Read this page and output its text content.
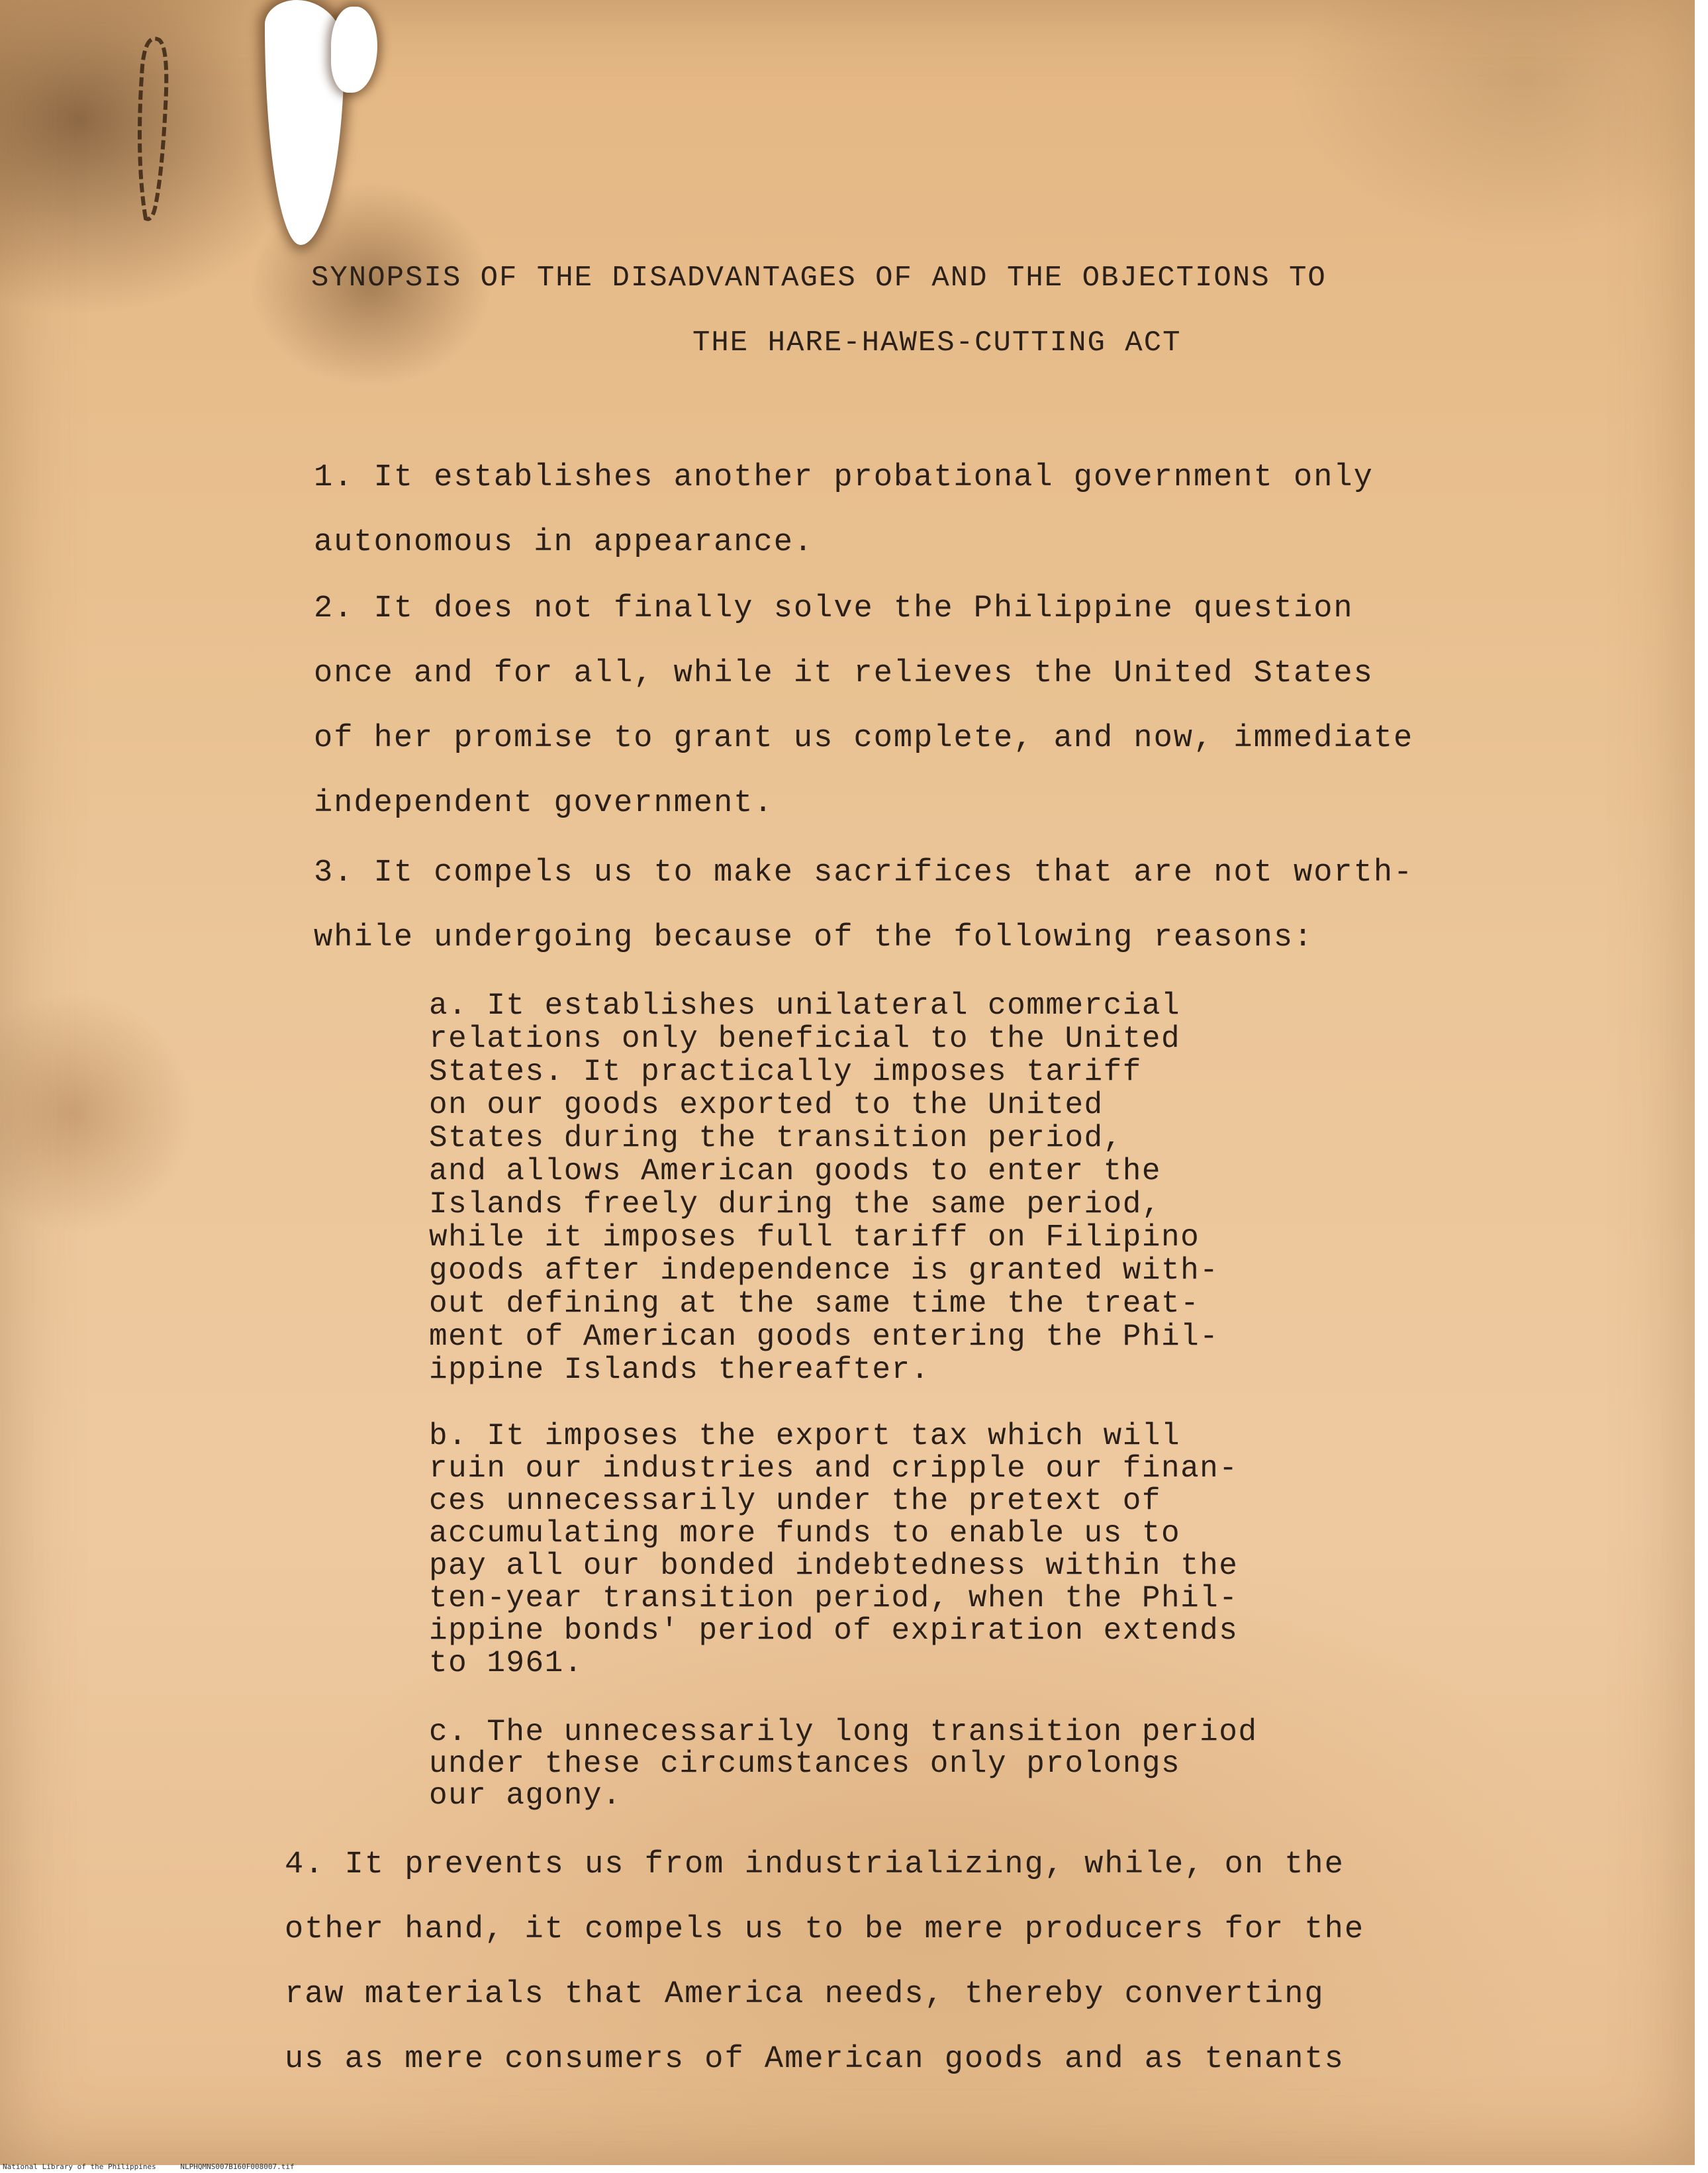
SYNOPSIS OF THE DISADVANTAGES OF AND THE OBJECTIONS TO
THE HARE-HAWES-CUTTING ACT
1. It establishes another probational government only
autonomous in appearance.
2. It does not finally solve the Philippine question
once and for all, while it relieves the United States
of her promise to grant us complete, and now, immediate
independent government.
3. It compels us to make sacrifices that are not worth-
while undergoing because of the following reasons:
a. It establishes unilateral commercial
relations only beneficial to the United
States. It practically imposes tariff
on our goods exported to the United
States during the transition period,
and allows American goods to enter the
Islands freely during the same period,
while it imposes full tariff on Filipino
goods after independence is granted with-
out defining at the same time the treat-
ment of American goods entering the Phil-
ippine Islands thereafter.
b. It imposes the export tax which will
ruin our industries and cripple our finan-
ces unnecessarily under the pretext of
accumulating more funds to enable us to
pay all our bonded indebtedness within the
ten-year transition period, when the Phil-
ippine bonds' period of expiration extends
to 1961.
c. The unnecessarily long transition period
under these circumstances only prolongs
our agony.
4. It prevents us from industrializing, while, on the
other hand, it compels us to be mere producers for the
raw materials that America needs, thereby converting
us as mere consumers of American goods and as tenants
National Library of the Philippines	NLPHQMNS007B160F008007.tif
